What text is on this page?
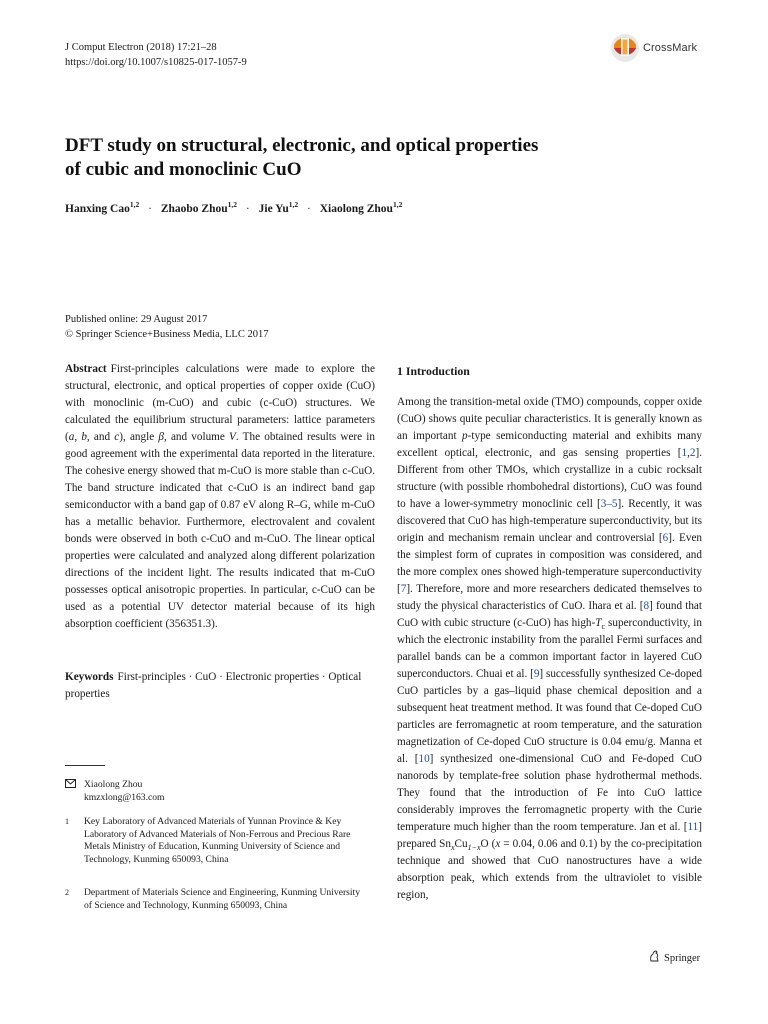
J Comput Electron (2018) 17:21–28
https://doi.org/10.1007/s10825-017-1057-9
CrossMark
DFT study on structural, electronic, and optical properties
of cubic and monoclinic CuO
Hanxing Cao$^{1,2}$ · Zhaobo Zhou$^{1,2}$ · Jie Yu$^{1,2}$ · Xiaolong Zhou$^{1,2}$
Published online: 29 August 2017
© Springer Science+Business Media, LLC 2017

Abstract First-principles calculations were made to explore the structural, electronic, and optical properties of copper oxide (CuO) with monoclinic (m-CuO) and cubic (c-CuO) structures. We calculated the equilibrium structural parameters: lattice parameters (a, b, and c), angle β, and volume V. The obtained results were in good agreement with the experimental data reported in the literature. The cohesive energy showed that m-CuO is more stable than c-CuO. The band structure indicated that c-CuO is an indirect band gap semiconductor with a band gap of 0.87 eV along R–G, while m-CuO has a metallic behavior. Furthermore, electrovalent and covalent bonds were observed in both c-CuO and m-CuO. The linear optical properties were calculated and analyzed along different polarization directions of the incident light. The results indicated that m-CuO possesses optical anisotropic properties. In particular, c-CuO can be used as a potential UV detector material because of its high absorption coefficient (356351.3).

Keywords First-principles · CuO · Electronic properties · Optical properties

Xiaolong Zhou
kmzxlong@163.com
1 Key Laboratory of Advanced Materials of Yunnan Province & Key Laboratory of Advanced Materials of Non-Ferrous and Precious Rare Metals Ministry of Education, Kunming University of Science and Technology, Kunming 650093, China
2 Department of Materials Science and Engineering, Kunming University of Science and Technology, Kunming 650093, China
1 Introduction

Among the transition-metal oxide (TMO) compounds, copper oxide (CuO) shows quite peculiar characteristics. It is generally known as an important p-type semiconducting material and exhibits many excellent optical, electronic, and gas sensing properties [1,2]. Different from other TMOs, which crystallize in a cubic rocksalt structure (with possible rhombohedral distortions), CuO was found to have a lower-symmetry monoclinic cell [3–5]. Recently, it was discovered that CuO has high-temperature superconductivity, but its origin and mechanism remain unclear and controversial [6]. Even the simplest form of cuprates in composition was considered, and the more complex ones showed high-temperature superconductivity [7]. Therefore, more and more researchers dedicated themselves to study the physical characteristics of CuO. Ihara et al. [8] found that CuO with cubic structure (c-CuO) has high-$T_c$ superconductivity, in which the electronic instability from the parallel Fermi surfaces and parallel bands can be a common important factor in layered CuO superconductors. Chuai et al. [9] successfully synthesized Ce-doped CuO particles by a gas–liquid phase chemical deposition and a subsequent heat treatment method. It was found that Ce-doped CuO particles are ferromagnetic at room temperature, and the saturation magnetization of Ce-doped CuO structure is 0.04 emu/g. Manna et al. [10] synthesized one-dimensional CuO and Fe-doped CuO nanorods by template-free solution phase hydrothermal methods. They found that the introduction of Fe into CuO lattice considerably improves the ferromagnetic property with the Curie temperature much higher than the room temperature. Jan et al. [11] prepared $Sn_xCu_{1-x}O$ (x = 0.04, 0.06 and 0.1) by the co-precipitation technique and showed that CuO nanostructures have a wide absorption peak, which extends from the ultraviolet to visible region,

Springer
